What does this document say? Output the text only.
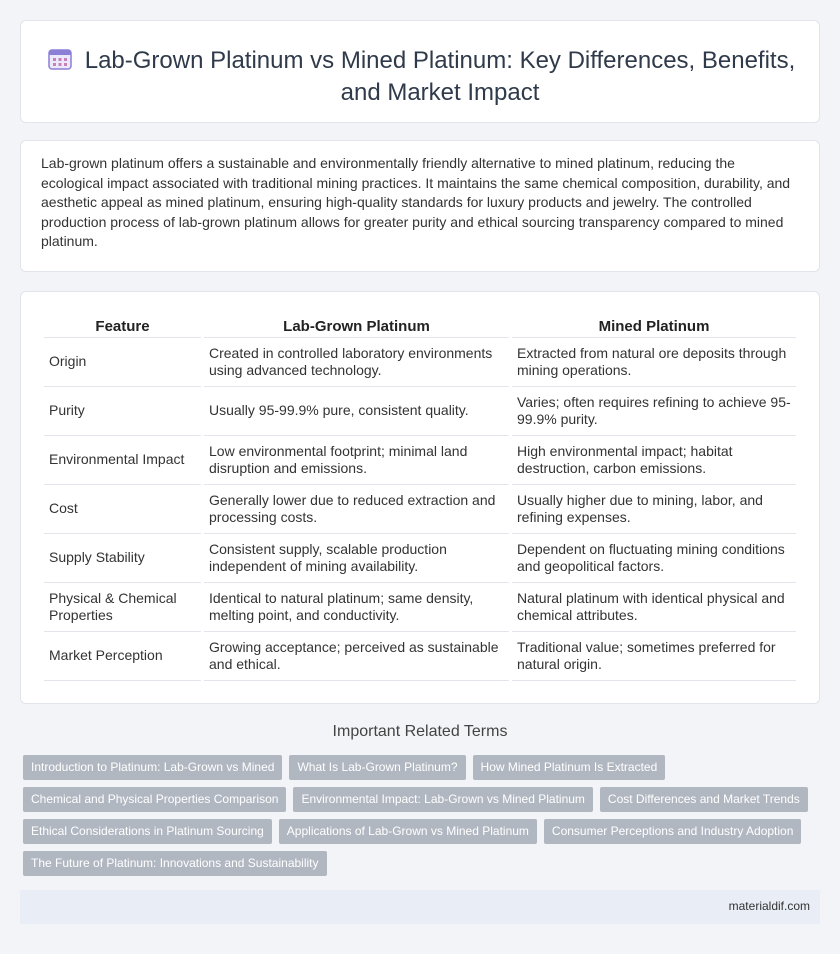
Lab-Grown Platinum vs Mined Platinum: Key Differences, Benefits, and Market Impact

Lab-grown platinum offers a sustainable and environmentally friendly alternative to mined platinum, reducing the ecological impact associated with traditional mining practices. It maintains the same chemical composition, durability, and aesthetic appeal as mined platinum, ensuring high-quality standards for luxury products and jewelry. The controlled production process of lab-grown platinum allows for greater purity and ethical sourcing transparency compared to mined platinum.

Feature	Lab-Grown Platinum	Mined Platinum
Origin	Created in controlled laboratory environments using advanced technology.	Extracted from natural ore deposits through mining operations.
Purity	Usually 95-99.9% pure, consistent quality.	Varies; often requires refining to achieve 95-99.9% purity.
Environmental Impact	Low environmental footprint; minimal land disruption and emissions.	High environmental impact; habitat destruction, carbon emissions.
Cost	Generally lower due to reduced extraction and processing costs.	Usually higher due to mining, labor, and refining expenses.
Supply Stability	Consistent supply, scalable production independent of mining availability.	Dependent on fluctuating mining conditions and geopolitical factors.
Physical & Chemical Properties	Identical to natural platinum; same density, melting point, and conductivity.	Natural platinum with identical physical and chemical attributes.
Market Perception	Growing acceptance; perceived as sustainable and ethical.	Traditional value; sometimes preferred for natural origin.
Important Related Terms
Introduction to Platinum: Lab-Grown vs Mined	What Is Lab-Grown Platinum?	How Mined Platinum Is Extracted
Chemical and Physical Properties Comparison	Environmental Impact: Lab-Grown vs Mined Platinum	Cost Differences and Market Trends
Ethical Considerations in Platinum Sourcing	Applications of Lab-Grown vs Mined Platinum	Consumer Perceptions and Industry Adoption
The Future of Platinum: Innovations and Sustainability
materialdif.com
